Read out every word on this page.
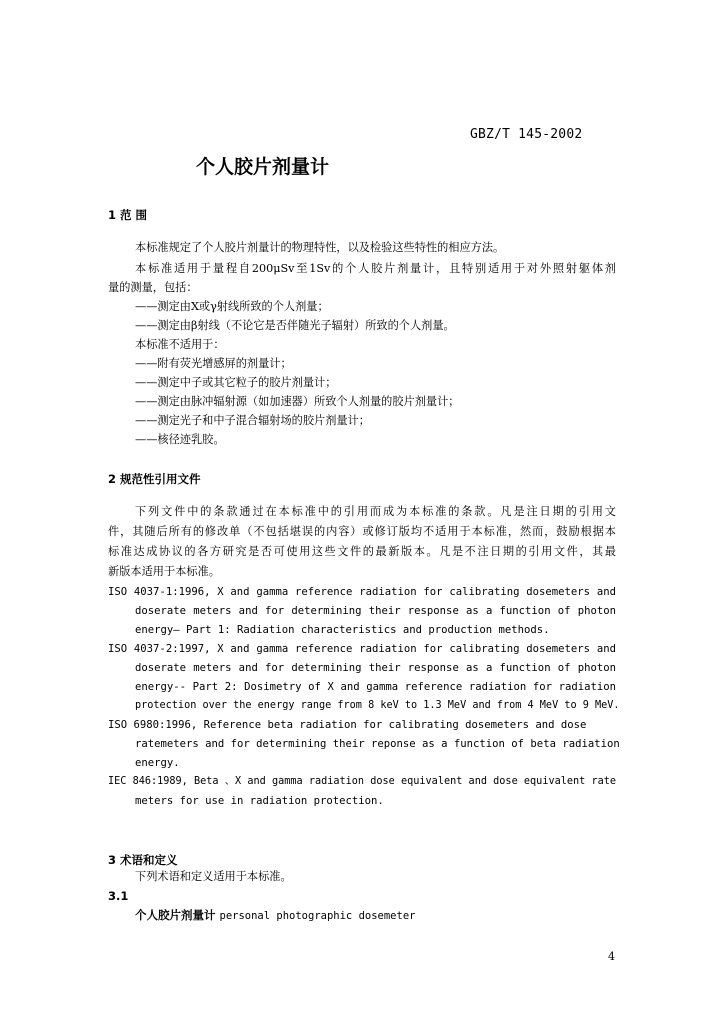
GBZ/T 145-2002
个人胶片剂量计
1 范 围
本标准规定了个人胶片剂量计的物理特性，以及检验这些特性的相应方法。
本标准适用于量程自200μSv至1Sv的个人胶片剂量计，且特别适用于对外照射躯体剂
量的测量，包括：
——测定由X或γ射线所致的个人剂量；
——测定由β射线（不论它是否伴随光子辐射）所致的个人剂量。
本标准不适用于：
——附有荧光增感屏的剂量计；
——测定中子或其它粒子的胶片剂量计；
——测定由脉冲辐射源（如加速器）所致个人剂量的胶片剂量计；
——测定光子和中子混合辐射场的胶片剂量计；
——核径迹乳胶。
2 规范性引用文件
下列文件中的条款通过在本标准中的引用而成为本标准的条款。凡是注日期的引用文
件，其随后所有的修改单（不包括堪误的内容）或修订版均不适用于本标准，然而，鼓励根据本
标准达成协议的各方研究是否可使用这些文件的最新版本。凡是不注日期的引用文件，其最
新版本适用于本标准。
ISO 4037-1:1996, X and gamma reference radiation for calibrating dosemeters and
doserate meters and for determining their response as a function of photon
energy— Part 1: Radiation characteristics and production methods.
ISO 4037-2:1997, X and gamma reference radiation for calibrating dosemeters and
doserate meters and for determining their response as a function of photon
energy-- Part 2: Dosimetry of X and gamma reference radiation for radiation
protection over the energy range from 8 keV to 1.3 MeV and from 4 MeV to 9 MeV.
ISO 6980:1996, Reference beta radiation for calibrating dosemeters and dose
ratemeters and for determining their reponse as a function of beta radiation
energy.
IEC 846:1989, Beta 、X and gamma radiation dose equivalent and dose equivalent rate
meters for use in radiation protection.
3 术语和定义
下列术语和定义适用于本标准。
3.1
个人胶片剂量计 personal photographic dosemeter
4
